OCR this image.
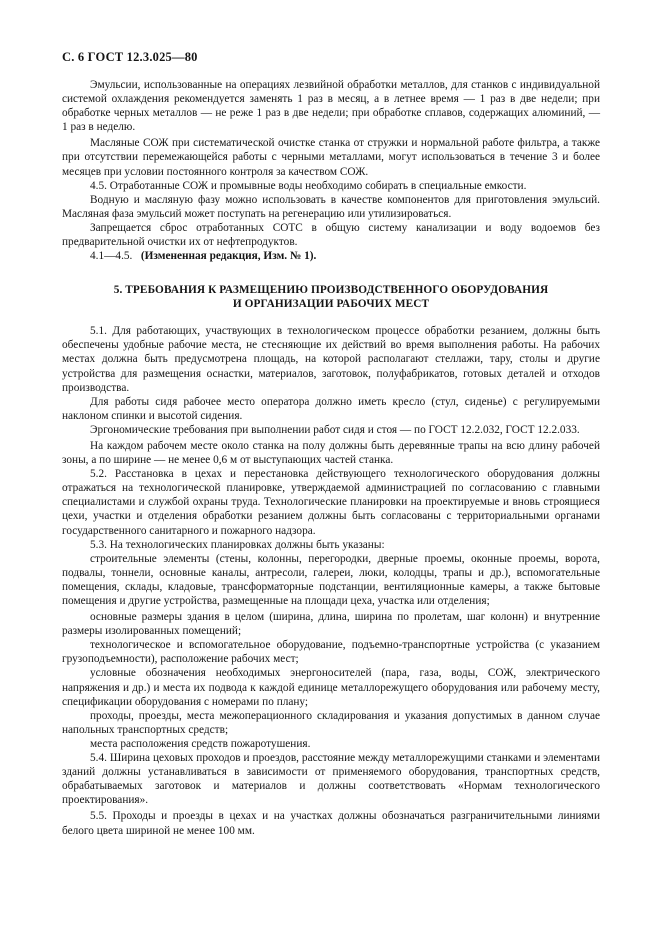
С. 6 ГОСТ 12.3.025—80

Эмульсии, использованные на операциях лезвийной обработки металлов, для станков с индивидуальной системой охлаждения рекомендуется заменять 1 раз в месяц, а в летнее время — 1 раз в две недели; при обработке черных металлов — не реже 1 раз в две недели; при обработке сплавов, содержащих алюминий, — 1 раз в неделю.

Масляные СОЖ при систематической очистке станка от стружки и нормальной работе фильтра, а также при отсутствии перемежающейся работы с черными металлами, могут использоваться в течение 3 и более месяцев при условии постоянного контроля за качеством СОЖ.

4.5. Отработанные СОЖ и промывные воды необходимо собирать в специальные емкости.

Водную и масляную фазу можно использовать в качестве компонентов для приготовления эмульсий. Масляная фаза эмульсий может поступать на регенерацию или утилизироваться.

Запрещается сброс отработанных СОТС в общую систему канализации и воду водоемов без предварительной очистки их от нефтепродуктов.

4.1—4.5. (Измененная редакция, Изм. № 1).

5. ТРЕБОВАНИЯ К РАЗМЕЩЕНИЮ ПРОИЗВОДСТВЕННОГО ОБОРУДОВАНИЯ
И ОРГАНИЗАЦИИ РАБОЧИХ МЕСТ

5.1. Для работающих, участвующих в технологическом процессе обработки резанием, должны быть обеспечены удобные рабочие места, не стесняющие их действий во время выполнения работы. На рабочих местах должна быть предусмотрена площадь, на которой располагают стеллажи, тару, столы и другие устройства для размещения оснастки, материалов, заготовок, полуфабрикатов, готовых деталей и отходов производства.

Для работы сидя рабочее место оператора должно иметь кресло (стул, сиденье) с регулируемыми наклоном спинки и высотой сидения.

Эргономические требования при выполнении работ сидя и стоя — по ГОСТ 12.2.032, ГОСТ 12.2.033.

На каждом рабочем месте около станка на полу должны быть деревянные трапы на всю длину рабочей зоны, а по ширине — не менее 0,6 м от выступающих частей станка.

5.2. Расстановка в цехах и перестановка действующего технологического оборудования должны отражаться на технологической планировке, утверждаемой администрацией по согласованию с главными специалистами и службой охраны труда. Технологические планировки на проектируемые и вновь строящиеся цехи, участки и отделения обработки резанием должны быть согласованы с территориальными органами государственного санитарного и пожарного надзора.

5.3. На технологических планировках должны быть указаны:

строительные элементы (стены, колонны, перегородки, дверные проемы, оконные проемы, ворота, подвалы, тоннели, основные каналы, антресоли, галереи, люки, колодцы, трапы и др.), вспомогательные помещения, склады, кладовые, трансформаторные подстанции, вентиляционные камеры, а также бытовые помещения и другие устройства, размещенные на площади цеха, участка или отделения;

основные размеры здания в целом (ширина, длина, ширина по пролетам, шаг колонн) и внутренние размеры изолированных помещений;

технологическое и вспомогательное оборудование, подъемно-транспортные устройства (с указанием грузоподъемности), расположение рабочих мест;

условные обозначения необходимых энергоносителей (пара, газа, воды, СОЖ, электрического напряжения и др.) и места их подвода к каждой единице металлорежущего оборудования или рабочему месту, спецификации оборудования с номерами по плану;

проходы, проезды, места межоперационного складирования и указания допустимых в данном случае напольных транспортных средств;

места расположения средств пожаротушения.

5.4. Ширина цеховых проходов и проездов, расстояние между металлорежущими станками и элементами зданий должны устанавливаться в зависимости от применяемого оборудования, транспортных средств, обрабатываемых заготовок и материалов и должны соответствовать «Нормам технологического проектирования».

5.5. Проходы и проезды в цехах и на участках должны обозначаться разграничительными линиями белого цвета шириной не менее 100 мм.
